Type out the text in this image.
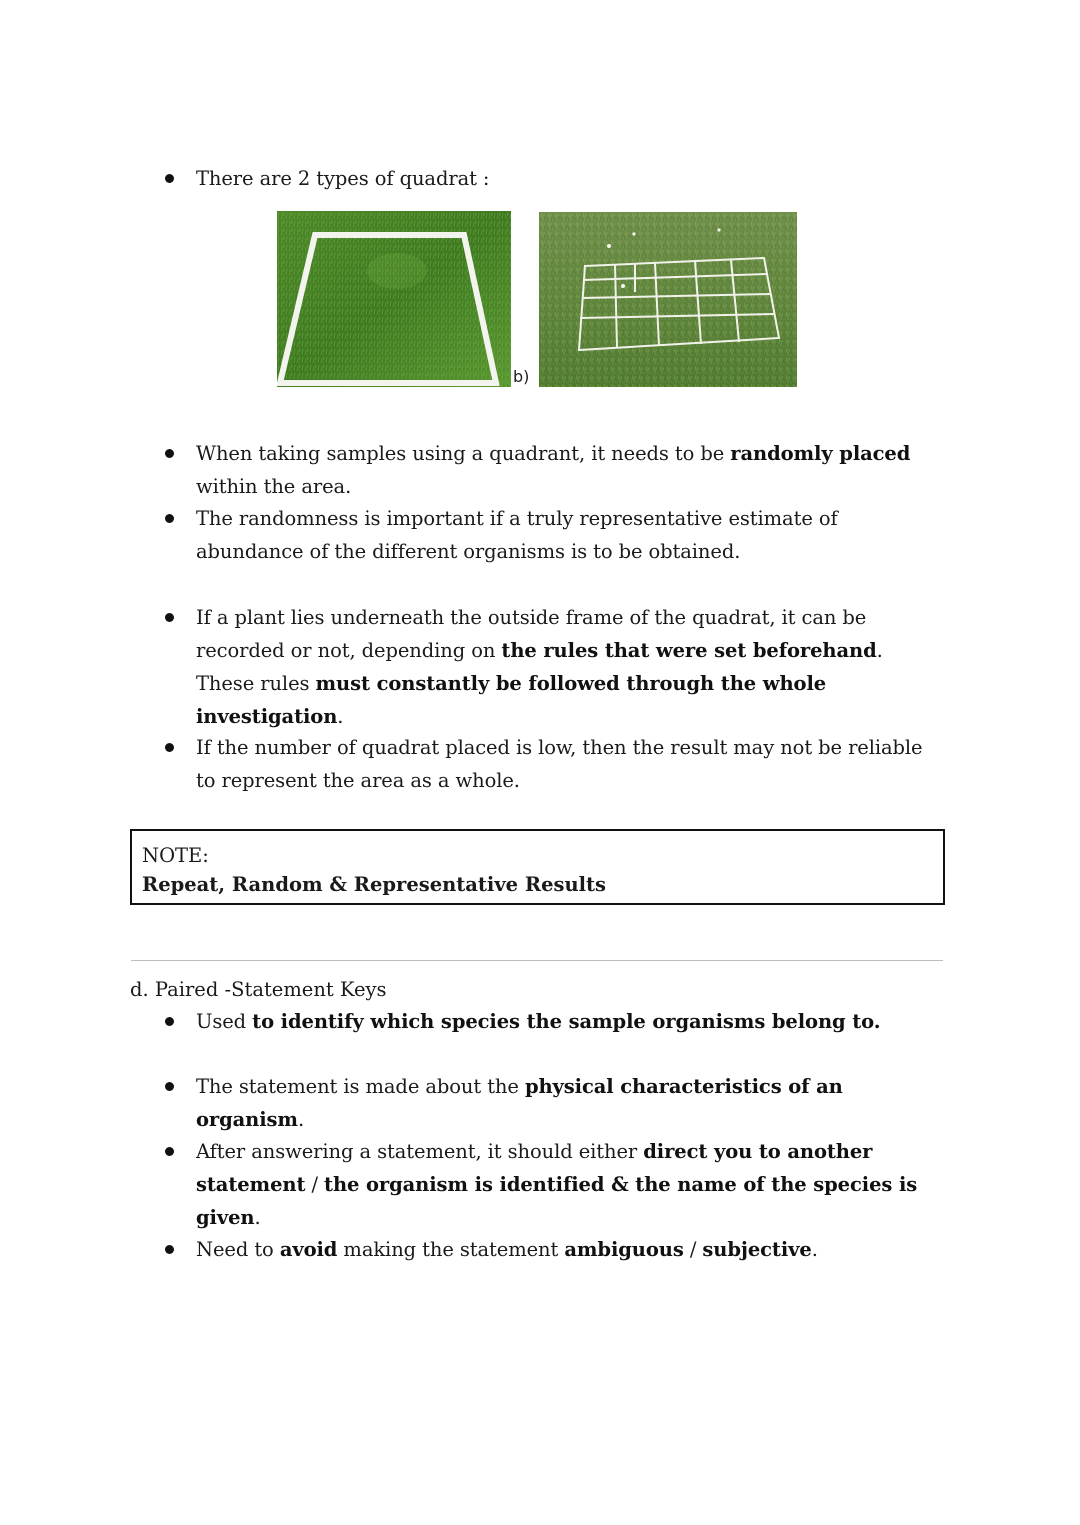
There are 2 types of quadrat :
b)
When taking samples using a quadrant, it needs to be randomly placed within the area.
The randomness is important if a truly representative estimate of abundance of the different organisms is to be obtained.
If a plant lies underneath the outside frame of the quadrat, it can be recorded or not, depending on the rules that were set beforehand. These rules must constantly be followed through the whole investigation.
If the number of quadrat placed is low, then the result may not be reliable to represent the area as a whole.
NOTE:
Repeat, Random & Representative Results
d. Paired -Statement Keys
Used to identify which species the sample organisms belong to.
The statement is made about the physical characteristics of an organism.
After answering a statement, it should either direct you to another statement / the organism is identified & the name of the species is given.
Need to avoid making the statement ambiguous / subjective.
